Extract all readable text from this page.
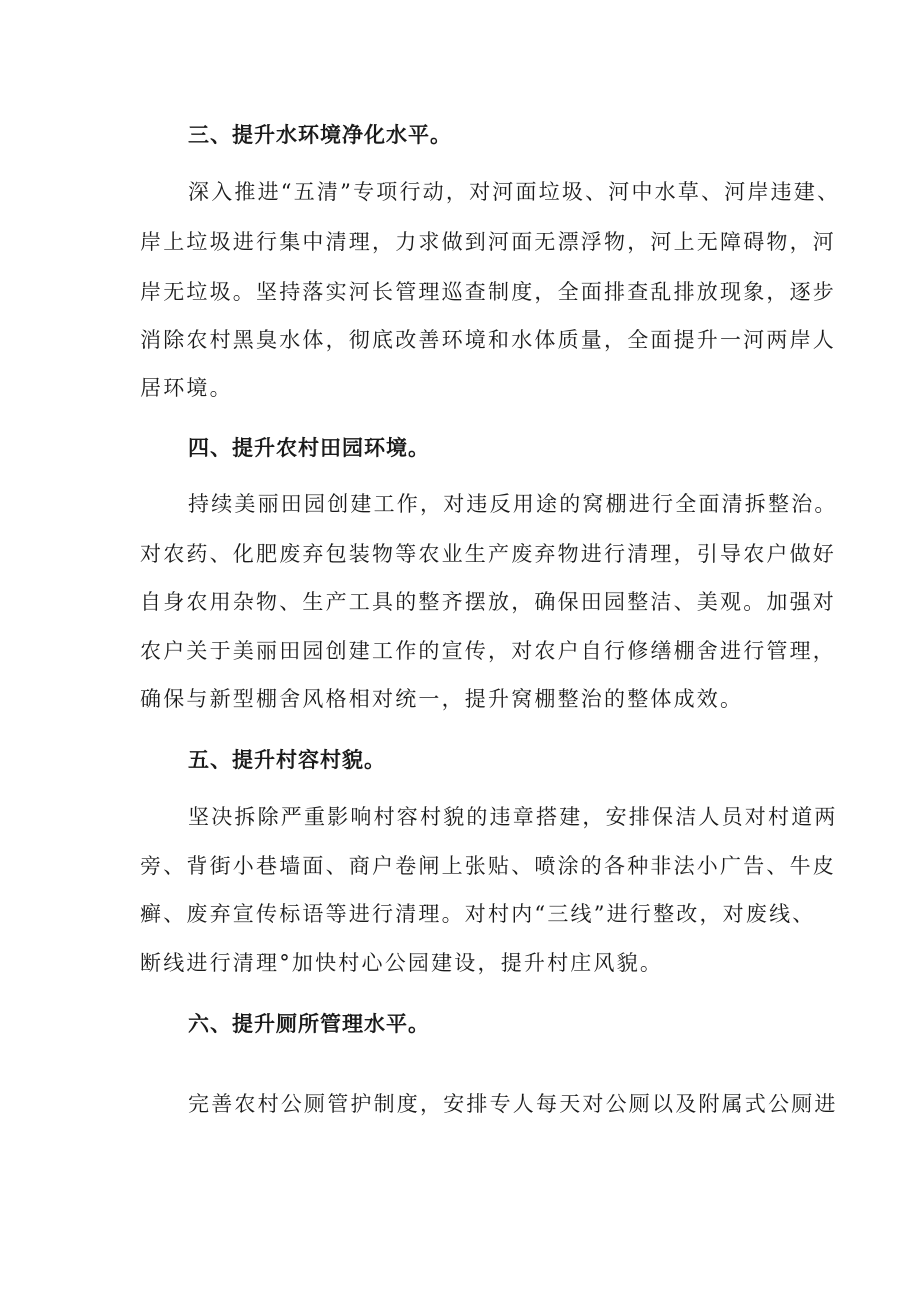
三、提升水环境净化水平。
深入推进“五清”专项行动，对河面垃圾、河中水草、河岸违建、
岸上垃圾进行集中清理，力求做到河面无漂浮物，河上无障碍物，河
岸无垃圾。坚持落实河长管理巡查制度，全面排查乱排放现象，逐步
消除农村黑臭水体，彻底改善环境和水体质量，全面提升一河两岸人
居环境。
四、提升农村田园环境。
持续美丽田园创建工作，对违反用途的窝棚进行全面清拆整治。
对农药、化肥废弃包装物等农业生产废弃物进行清理，引导农户做好
自身农用杂物、生产工具的整齐摆放，确保田园整洁、美观。加强对
农户关于美丽田园创建工作的宣传，对农户自行修缮棚舍进行管理，
确保与新型棚舍风格相对统一，提升窝棚整治的整体成效。
五、提升村容村貌。
坚决拆除严重影响村容村貌的违章搭建，安排保洁人员对村道两
旁、背街小巷墙面、商户卷闸上张贴、喷涂的各种非法小广告、牛皮
癣、废弃宣传标语等进行清理。对村内“三线”进行整改，对废线、
断线进行清理°加快村心公园建设，提升村庄风貌。
六、提升厕所管理水平。
完善农村公厕管护制度，安排专人每天对公厕以及附属式公厕进
